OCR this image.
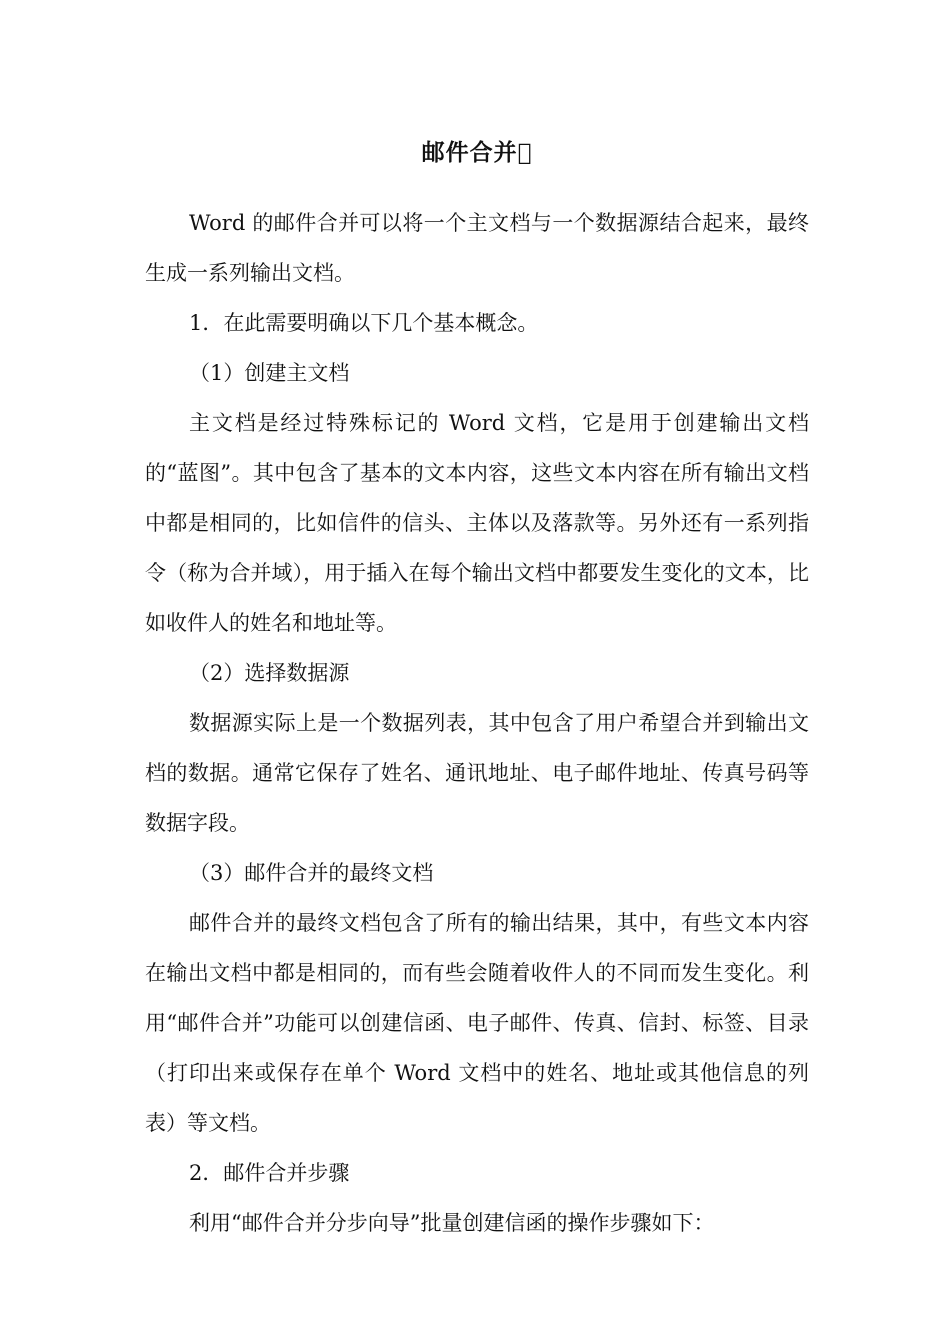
邮件合并 

Word 的邮件合并可以将一个主文档与一个数据源结合起来，最终生成一系列输出文档。

1．在此需要明确以下几个基本概念。

（1）创建主文档

主文档是经过特殊标记的 Word 文档，它是用于创建输出文档的“蓝图”。其中包含了基本的文本内容，这些文本内容在所有输出文档中都是相同的，比如信件的信头、主体以及落款等。另外还有一系列指令（称为合并域），用于插入在每个输出文档中都要发生变化的文本，比如收件人的姓名和地址等。

（2）选择数据源

数据源实际上是一个数据列表，其中包含了用户希望合并到输出文档的数据。通常它保存了姓名、通讯地址、电子邮件地址、传真号码等数据字段。

（3）邮件合并的最终文档

邮件合并的最终文档包含了所有的输出结果，其中，有些文本内容在输出文档中都是相同的，而有些会随着收件人的不同而发生变化。利用“邮件合并”功能可以创建信函、电子邮件、传真、信封、标签、目录（打印出来或保存在单个 Word 文档中的姓名、地址或其他信息的列表）等文档。

2．邮件合并步骤

利用“邮件合并分步向导”批量创建信函的操作步骤如下：
